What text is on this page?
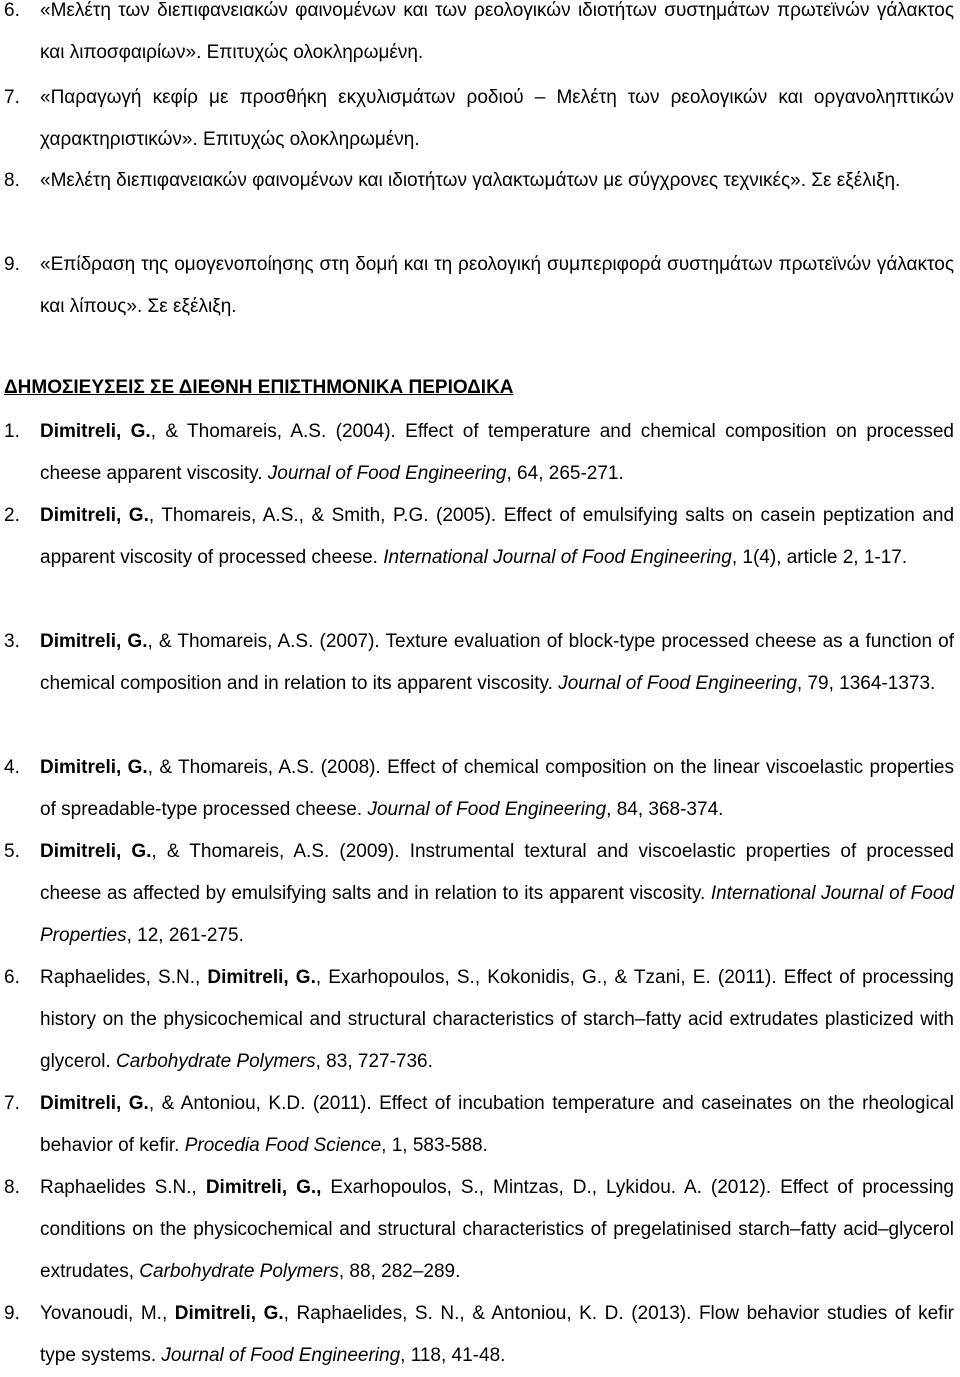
6. «Μελέτη των διεπιφανειακών φαινομένων και των ρεολογικών ιδιοτήτων συστημάτων πρωτεϊνών γάλακτος και λιποσφαιρίων». Επιτυχώς ολοκληρωμένη.
7. «Παραγωγή κεφίρ με προσθήκη εκχυλισμάτων ροδιού – Μελέτη των ρεολογικών και οργανοληπτικών χαρακτηριστικών». Επιτυχώς ολοκληρωμένη.
8. «Μελέτη διεπιφανειακών φαινομένων και ιδιοτήτων γαλακτωμάτων με σύγχρονες τεχνικές». Σε εξέλιξη.
9. «Επίδραση της ομογενοποίησης στη δομή και τη ρεολογική συμπεριφορά συστημάτων πρωτεϊνών γάλακτος και λίπους». Σε εξέλιξη.
ΔΗΜΟΣΙΕΥΣΕΙΣ ΣΕ ΔΙΕΘΝΗ ΕΠΙΣΤΗΜΟΝΙΚΑ ΠΕΡΙΟΔΙΚΑ
1. Dimitreli, G., & Thomareis, A.S. (2004). Effect of temperature and chemical composition on processed cheese apparent viscosity. Journal of Food Engineering, 64, 265-271.
2. Dimitreli, G., Thomareis, A.S., & Smith, P.G. (2005). Effect of emulsifying salts on casein peptization and apparent viscosity of processed cheese. International Journal of Food Engineering, 1(4), article 2, 1-17.
3. Dimitreli, G., & Thomareis, A.S. (2007). Texture evaluation of block-type processed cheese as a function of chemical composition and in relation to its apparent viscosity. Journal of Food Engineering, 79, 1364-1373.
4. Dimitreli, G., & Thomareis, A.S. (2008). Effect of chemical composition on the linear viscoelastic properties of spreadable-type processed cheese. Journal of Food Engineering, 84, 368-374.
5. Dimitreli, G., & Thomareis, A.S. (2009). Instrumental textural and viscoelastic properties of processed cheese as affected by emulsifying salts and in relation to its apparent viscosity. International Journal of Food Properties, 12, 261-275.
6. Raphaelides, S.N., Dimitreli, G., Exarhopoulos, S., Kokonidis, G., & Tzani, E. (2011). Effect of processing history on the physicochemical and structural characteristics of starch–fatty acid extrudates plasticized with glycerol. Carbohydrate Polymers, 83, 727-736.
7. Dimitreli, G., & Antoniou, K.D. (2011). Effect of incubation temperature and caseinates on the rheological behavior of kefir. Procedia Food Science, 1, 583-588.
8. Raphaelides S.N., Dimitreli, G., Exarhopoulos, S., Mintzas, D., Lykidou. A. (2012). Effect of processing conditions on the physicochemical and structural characteristics of pregelatinised starch–fatty acid–glycerol extrudates, Carbohydrate Polymers, 88, 282–289.
9. Yovanoudi, M., Dimitreli, G., Raphaelides, S. N., & Antoniou, K. D. (2013). Flow behavior studies of kefir type systems. Journal of Food Engineering, 118, 41-48.
